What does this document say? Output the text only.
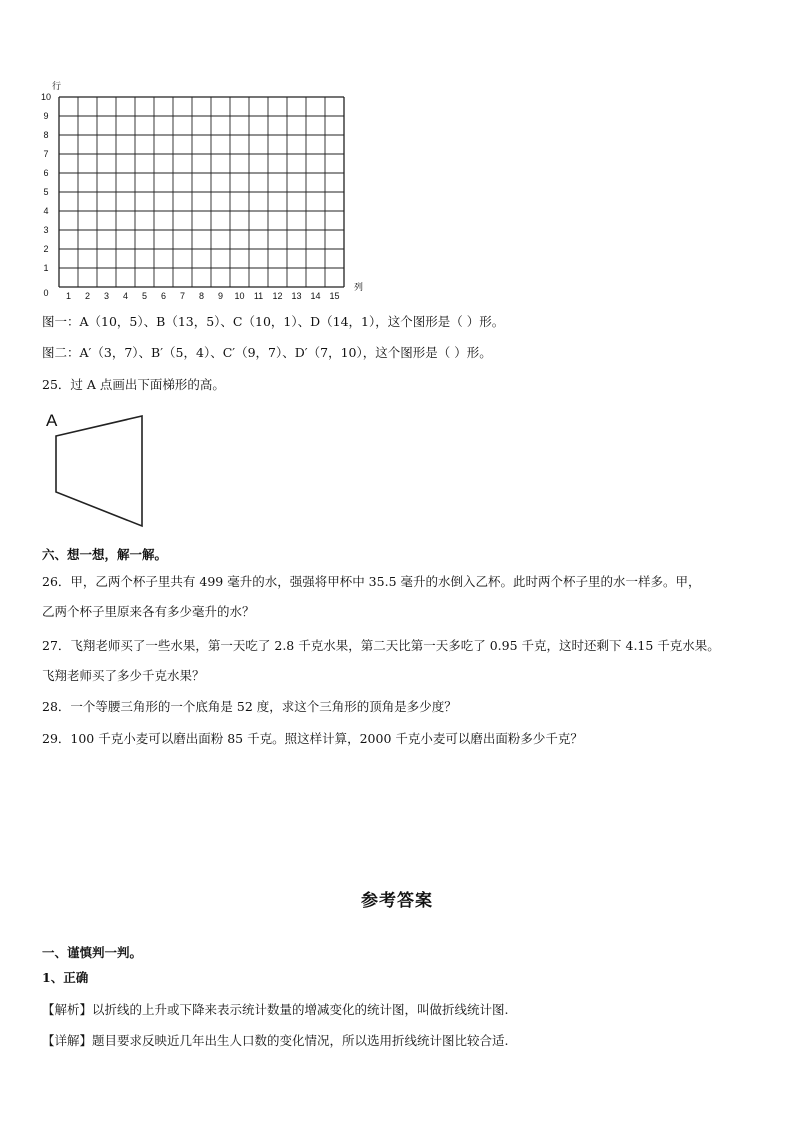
行
列
0
1
2
3
4
5
6
7
8
9
10
1 2 3 4 5 6 7 8 9 10 11 12 13 14 15
图一：A（10，5）、B（13，5）、C（10，1）、D（14，1），这个图形是（ ）形。
图二：A′（3，7）、B′（5，4）、C′（9，7）、D′（7，10），这个图形是（ ）形。
25．过 A 点画出下面梯形的高。
A
六、想一想，解一解。
26．甲，乙两个杯子里共有 499 毫升的水，强强将甲杯中 35.5 毫升的水倒入乙杯。此时两个杯子里的水一样多。甲，
乙两个杯子里原来各有多少毫升的水？
27．飞翔老师买了一些水果，第一天吃了 2.8 千克水果，第二天比第一天多吃了 0.95 千克，这时还剩下 4.15 千克水果。
飞翔老师买了多少千克水果？
28．一个等腰三角形的一个底角是 52 度，求这个三角形的顶角是多少度？
29．100 千克小麦可以磨出面粉 85 千克。照这样计算，2000 千克小麦可以磨出面粉多少千克？
参考答案
一、谨慎判一判。
1、正确
【解析】以折线的上升或下降来表示统计数量的增减变化的统计图，叫做折线统计图.
【详解】题目要求反映近几年出生人口数的变化情况，所以选用折线统计图比较合适.
